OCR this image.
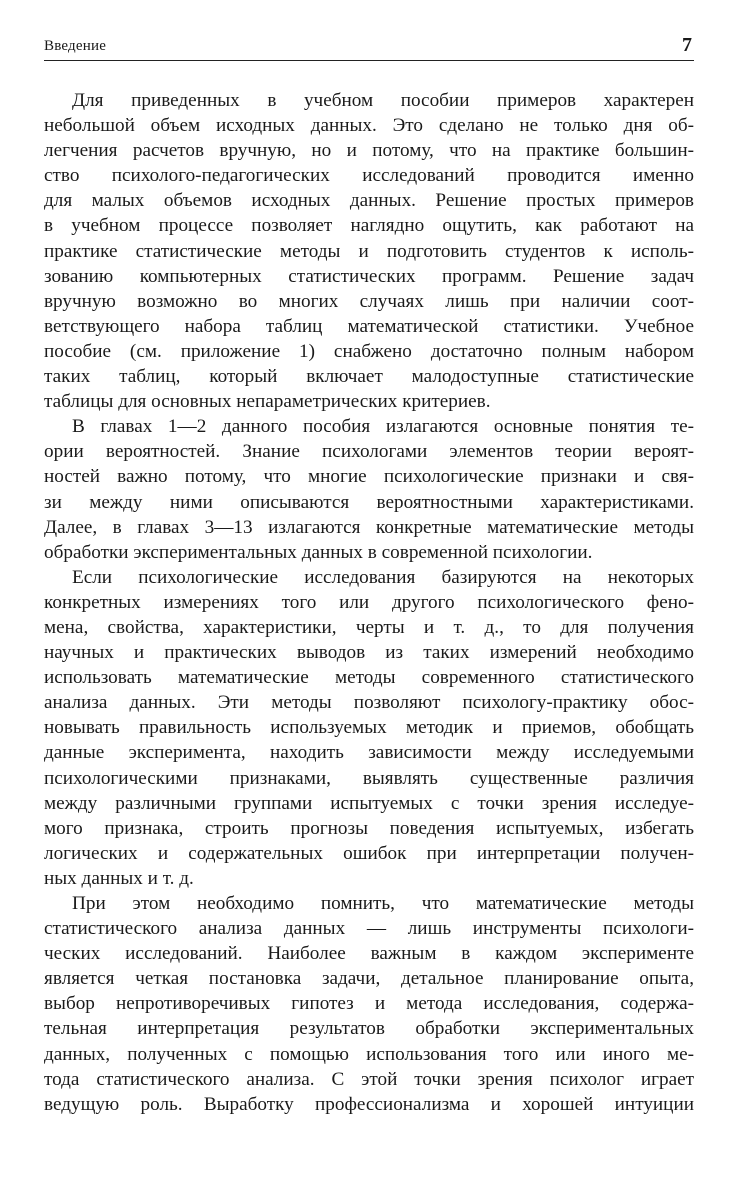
Введение	7
Для приведенных в учебном пособии примеров характерен
небольшой объем исходных данных. Это сделано не только дня об-
легчения расчетов вручную, но и потому, что на практике большин-
ство психолого-педагогических исследований проводится именно
для малых объемов исходных данных. Решение простых примеров
в учебном процессе позволяет наглядно ощутить, как работают на
практике статистические методы и подготовить студентов к исполь-
зованию компьютерных статистических программ. Решение задач
вручную возможно во многих случаях лишь при наличии соот-
ветствующего набора таблиц математической статистики. Учебное
пособие (см. приложение 1) снабжено достаточно полным набором
таких таблиц, который включает малодоступные статистические
таблицы для основных непараметрических критериев.
В главах 1—2 данного пособия излагаются основные понятия те-
ории вероятностей. Знание психологами элементов теории вероят-
ностей важно потому, что многие психологические признаки и свя-
зи между ними описываются вероятностными характеристиками.
Далее, в главах 3—13 излагаются конкретные математические методы
обработки экспериментальных данных в современной психологии.
Если психологические исследования базируются на некоторых
конкретных измерениях того или другого психологического фено-
мена, свойства, характеристики, черты и т. д., то для получения
научных и практических выводов из таких измерений необходимо
использовать математические методы современного статистического
анализа данных. Эти методы позволяют психологу-практику обос-
новывать правильность используемых методик и приемов, обобщать
данные эксперимента, находить зависимости между исследуемыми
психологическими признаками, выявлять существенные различия
между различными группами испытуемых с точки зрения исследуе-
мого признака, строить прогнозы поведения испытуемых, избегать
логических и содержательных ошибок при интерпретации получен-
ных данных и т. д.
При этом необходимо помнить, что математические методы
статистического анализа данных — лишь инструменты психологи-
ческих исследований. Наиболее важным в каждом эксперименте
является четкая постановка задачи, детальное планирование опыта,
выбор непротиворечивых гипотез и метода исследования, содержа-
тельная интерпретация результатов обработки экспериментальных
данных, полученных с помощью использования того или иного ме-
тода статистического анализа. С этой точки зрения психолог играет
ведущую роль. Выработку профессионализма и хорошей интуиции
